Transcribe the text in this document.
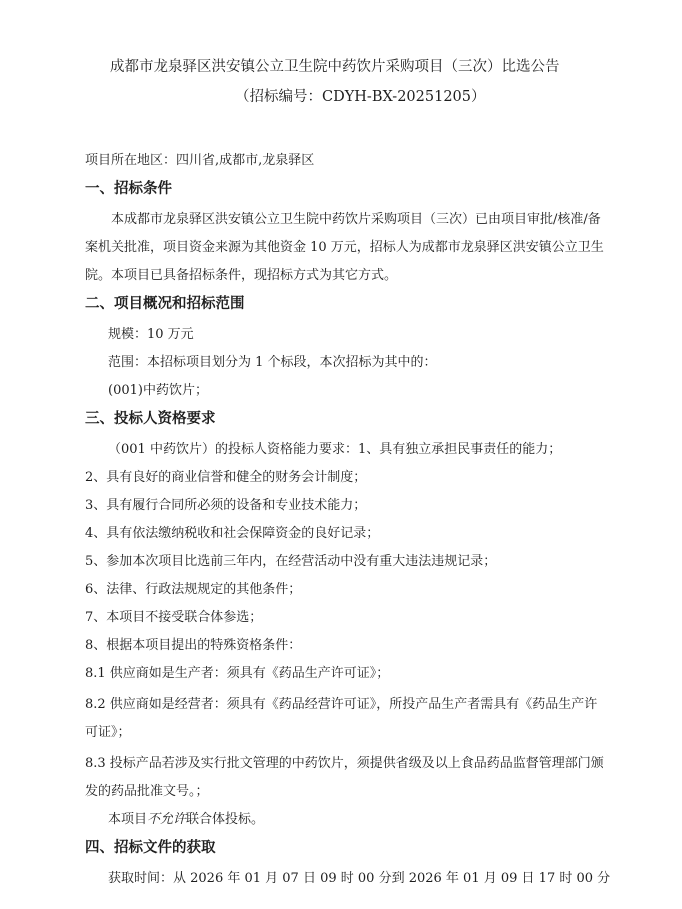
成都市龙泉驿区洪安镇公立卫生院中药饮片采购项目（三次）比选公告
（招标编号：CDYH-BX-20251205）
项目所在地区：四川省,成都市,龙泉驿区
一、招标条件
本成都市龙泉驿区洪安镇公立卫生院中药饮片采购项目（三次）已由项目审批/核准/备
案机关批准，项目资金来源为其他资金 10 万元，招标人为成都市龙泉驿区洪安镇公立卫生
院。本项目已具备招标条件，现招标方式为其它方式。
二、项目概况和招标范围
规模：10 万元
范围：本招标项目划分为 1 个标段，本次招标为其中的：
(001)中药饮片；
三、投标人资格要求
（001 中药饮片）的投标人资格能力要求：1、具有独立承担民事责任的能力；
2、具有良好的商业信誉和健全的财务会计制度；
3、具有履行合同所必须的设备和专业技术能力；
4、具有依法缴纳税收和社会保障资金的良好记录；
5、参加本次项目比选前三年内，在经营活动中没有重大违法违规记录；
6、法律、行政法规规定的其他条件；
7、本项目不接受联合体参选；
8、根据本项目提出的特殊资格条件：
8.1 供应商如是生产者：须具有《药品生产许可证》；
8.2 供应商如是经营者：须具有《药品经营许可证》，所投产品生产者需具有《药品生产许
可证》；
8.3 投标产品若涉及实行批文管理的中药饮片，须提供省级及以上食品药品监督管理部门颁
发的药品批准文号。；
本项目不允许联合体投标。
四、招标文件的获取
获取时间：从 2026 年 01 月 07 日 09 时 00 分到 2026 年 01 月 09 日 17 时 00 分
